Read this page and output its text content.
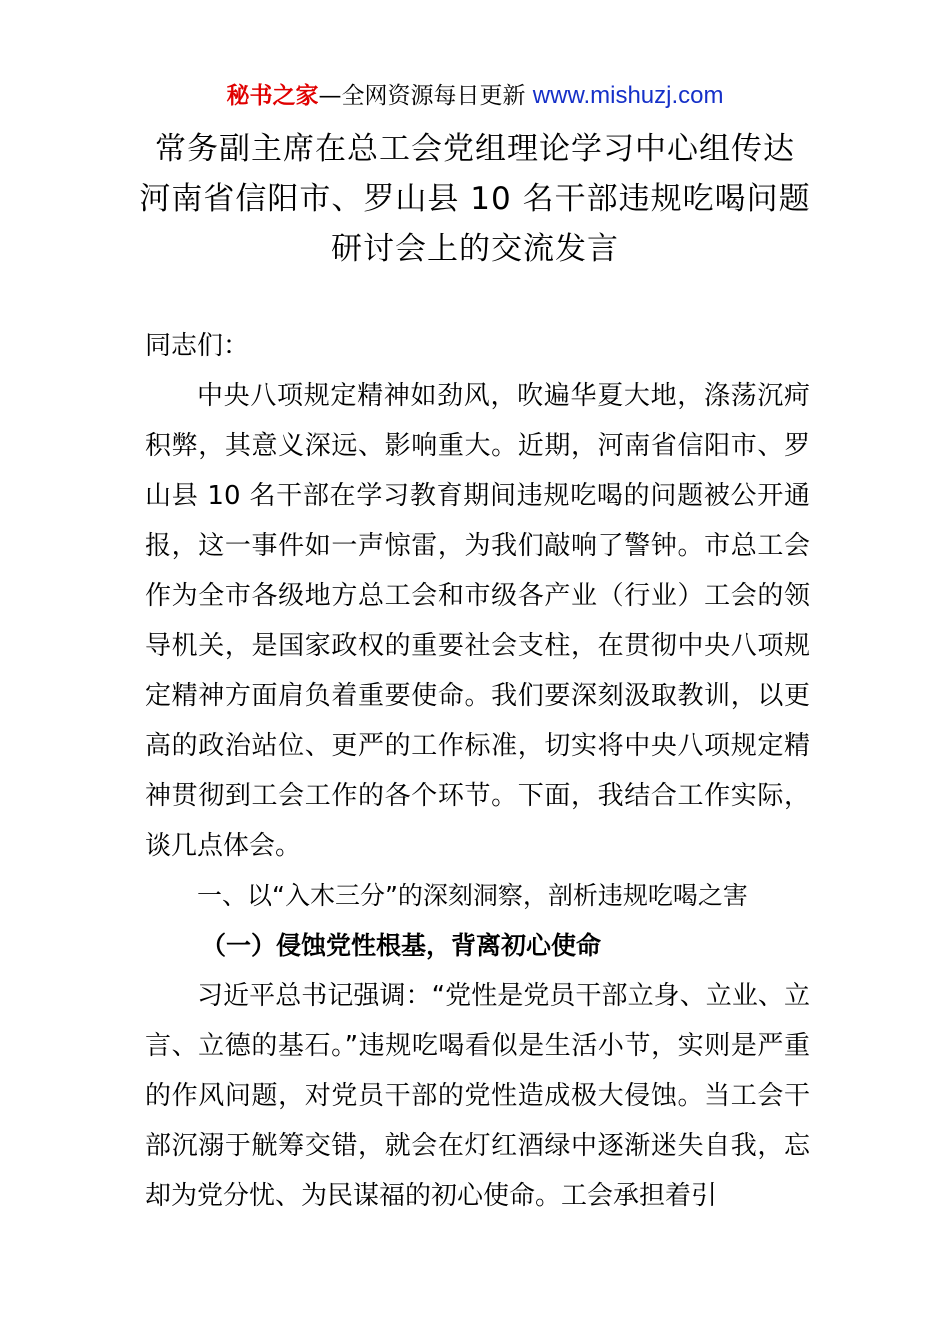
秘书之家—全网资源每日更新 www.mishuzj.com
常务副主席在总工会党组理论学习中心组传达
河南省信阳市、罗山县 10 名干部违规吃喝问题
研讨会上的交流发言

同志们：

中央八项规定精神如劲风，吹遍华夏大地，涤荡沉疴积弊，其意义深远、影响重大。近期，河南省信阳市、罗山县 10 名干部在学习教育期间违规吃喝的问题被公开通报，这一事件如一声惊雷，为我们敲响了警钟。市总工会作为全市各级地方总工会和市级各产业（行业）工会的领导机关，是国家政权的重要社会支柱，在贯彻中央八项规定精神方面肩负着重要使命。我们要深刻汲取教训，以更高的政治站位、更严的工作标准，切实将中央八项规定精神贯彻到工会工作的各个环节。下面，我结合工作实际，谈几点体会。

一、以“入木三分”的深刻洞察，剖析违规吃喝之害

（一）侵蚀党性根基，背离初心使命

习近平总书记强调：“党性是党员干部立身、立业、立言、立德的基石。”违规吃喝看似是生活小节，实则是严重的作风问题，对党员干部的党性造成极大侵蚀。当工会干部沉溺于觥筹交错，就会在灯红酒绿中逐渐迷失自我，忘却为党分忧、为民谋福的初心使命。工会承担着引
